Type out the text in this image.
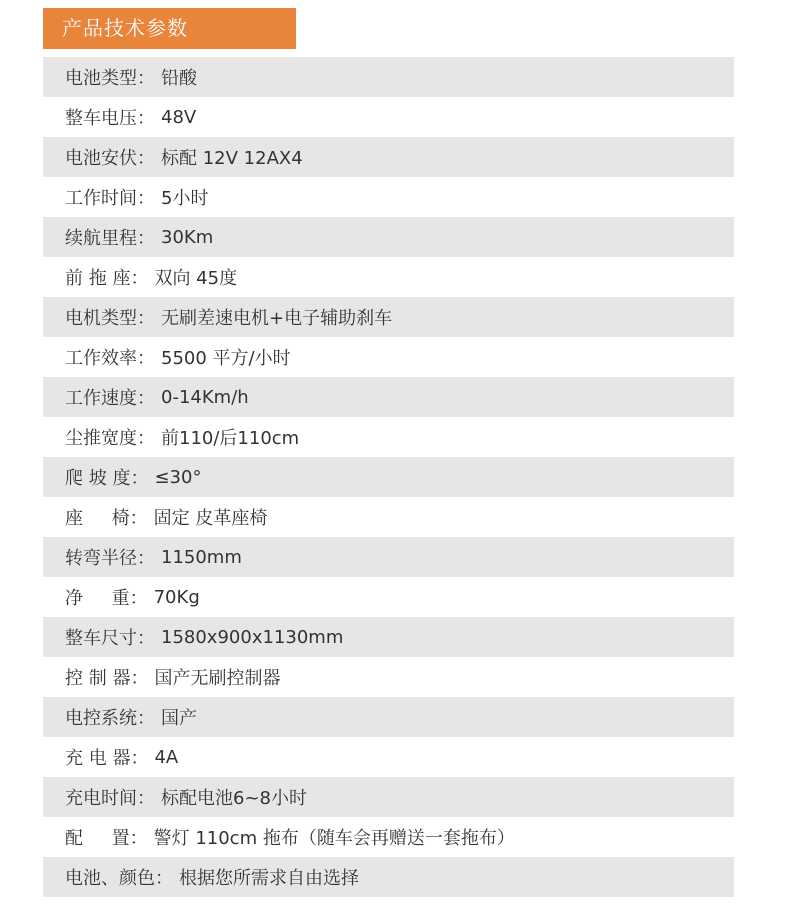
产品技术参数
电池类型： 铅酸
整车电压： 48V
电池安伏： 标配 12V 12AX4
工作时间： 5小时
续航里程： 30Km
前 拖 座： 双向 45度
电机类型： 无刷差速电机+电子辅助刹车
工作效率： 5500 平方/小时
工作速度： 0-14Km/h
尘推宽度： 前110/后110cm
爬 坡 度： ≤30°
座     椅： 固定 皮革座椅
转弯半径： 1150mm
净     重： 70Kg
整车尺寸： 1580x900x1130mm
控 制 器： 国产无刷控制器
电控系统： 国产
充 电 器： 4A
充电时间： 标配电池6~8小时
配     置： 警灯 110cm 拖布（随车会再赠送一套拖布）
电池、颜色： 根据您所需求自由选择
